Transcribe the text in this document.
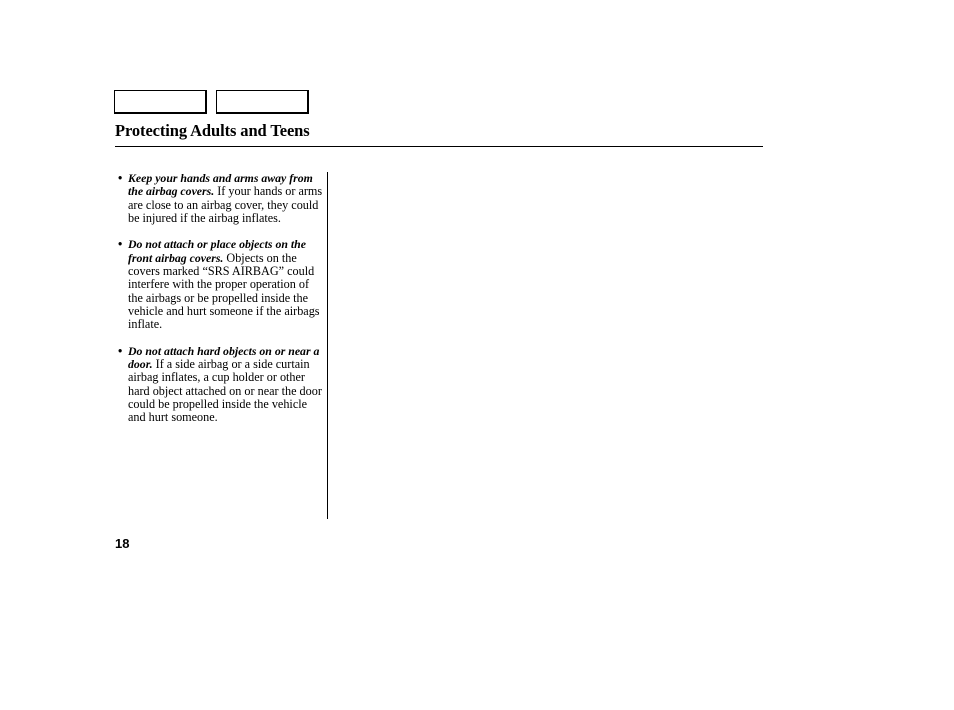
Protecting Adults and Teens
• Keep your hands and arms away from the airbag covers. If your hands or arms are close to an airbag cover, they could be injured if the airbag inflates.
• Do not attach or place objects on the front airbag covers. Objects on the covers marked “SRS AIRBAG” could interfere with the proper operation of the airbags or be propelled inside the vehicle and hurt someone if the airbags inflate.
• Do not attach hard objects on or near a door. If a side airbag or a side curtain airbag inflates, a cup holder or other hard object attached on or near the door could be propelled inside the vehicle and hurt someone.
18
